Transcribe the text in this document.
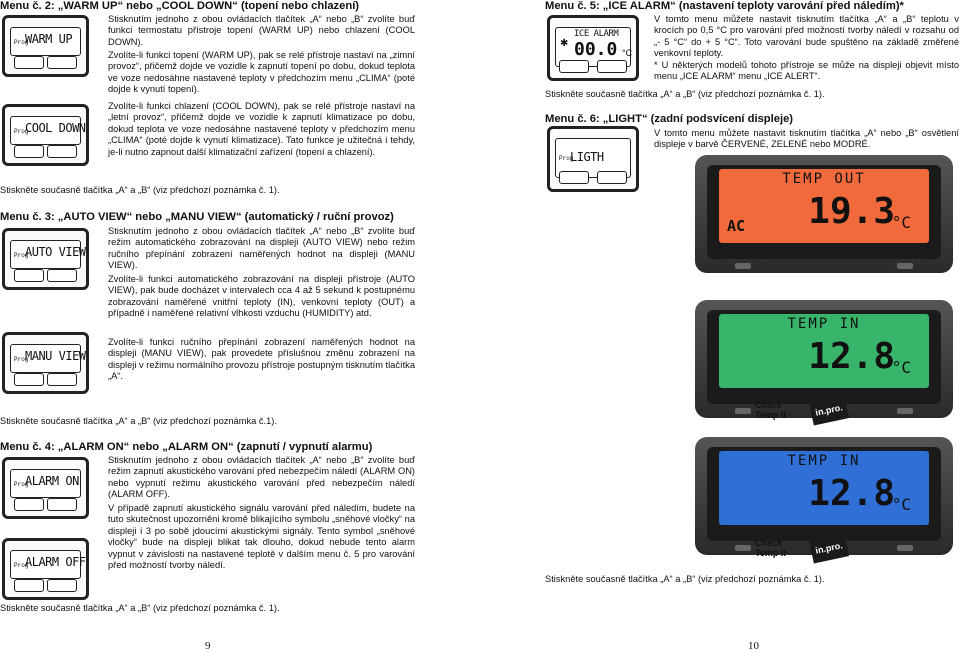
Menu č. 2: „WARM UP“ nebo „COOL DOWN“ (topení nebo chlazení)
Prog
WARM UP

Stisknutím jednoho z obou ovládacích tlačítek „A“ nebo „B“ zvolíte buď funkci termostatu přístroje topení (WARM UP) nebo chlazení (COOL DOWN).

Zvolíte-li funkci topení (WARM UP), pak se relé přístroje nastaví na „zimní provoz“, přičemž dojde ve vozidle k zapnutí topení po dobu, dokud teplota ve voze nedosáhne nastavené teploty v předchozím menu „CLIMA“ (poté dojde k vynutí topení).

Prog
COOL DOWN

Zvolíte-li funkci chlazení (COOL DOWN), pak se relé přístroje nastaví na „letní provoz“, přičemž dojde ve vozidle k zapnutí klimatizace po dobu, dokud teplota ve voze nedosáhne nastavené teploty v předchozím menu „CLIMA“ (poté dojde k vynutí klimatizace). Tato funkce je užitečná i tehdy, je-li nutno zapnout další klimatizační zařízení (topení a chlazení).

Stiskněte současně tlačítka „A“ a „B“ (viz předchozí poznámka č. 1).
Menu č. 3: „AUTO VIEW“ nebo „MANU VIEW“ (automatický / ruční provoz)
Prog
AUTO VIEW

Stisknutím jednoho z obou ovládacích tlačítek „A“ nebo „B“ zvolíte buď režim automatického zobrazování na displeji (AUTO VIEW) nebo režim ručního přepínání zobrazení naměřených hodnot na displeji (MANU VIEW).

Zvolíte-li funkci automatického zobrazování na displeji přístroje (AUTO VIEW), pak bude docházet v intervalech cca 4 až 5 sekund k postupnému zobrazování naměřené vnitřní teploty (IN), venkovní teploty (OUT) a případně i naměřené relativní vlhkosti vzduchu (HUMIDITY) atd.

Prog
MANU VIEW

Zvolíte-li funkci ručního přepínání zobrazení naměřených hodnot na displeji (MANU VIEW), pak provedete příslušnou změnu zobrazení na displeji v režimu normálního provozu přístroje postupným tisknutím tlačítka „A“.

Stiskněte současně tlačítka „A“ a „B“ (viz předchozí poznámka č.1).
Menu č. 4: „ALARM ON“ nebo „ALARM ON“ (zapnutí / vypnutí alarmu)
Prog
ALARM ON

Stisknutím jednoho z obou ovládacích tlačítek „A“ nebo „B“ zvolíte buď režim zapnutí akustického varování před nebezpečím náledí (ALARM ON) nebo vypnutí režimu akustického varování před nebezpečím náledí (ALARM OFF).

V případě zapnutí akustického signálu varování před náledím, budete na tuto skutečnost upozorněni kromě blikajícího symbolu „sněhové vločky“ na displeji i 3 po sobě jdoucími akustickými signály. Tento symbol „sněhové vločky“ bude na displeji blikat tak dlouho, dokud nebude tento alarm vypnut v závislosti na nastavené teplotě v dalším menu č. 5 pro varování před možností tvorby náledí.

Prog
ALARM OFF
Stiskněte současně tlačítka „A“ a „B“ (viz předchozí poznámka č. 1).
9
Menu č. 5: „ICE ALARM“ (nastavení teploty varování před náledím)*
ICE ALARM
✱ 00.0 °C

V tomto menu můžete nastavit tisknutím tlačítka „A“ a „B“ teplotu v krocích po 0,5 °C pro varování před možností tvorby náledí v rozsahu od „- 5 °C“ do + 5 °C“. Toto varování bude spuštěno na základě změřené venkovní teploty.

* U některých modelů tohoto přístroje se může na displeji objevit místo menu „ICE ALARM“ menu „ICE ALERT“.

Stiskněte současně tlačítka „A“ a „B“ (viz předchozí poznámka č. 1).
Menu č. 6: „LIGHT“ (zadní podsvícení displeje)
Prog
LIGTH

V tomto menu můžete nastavit tisknutím tlačítka „A“ nebo „B“ osvětlení displeje v barvě ČERVENÉ, ZELENÉ nebo MODRÉ.

TEMP OUT
AC 19.3
°C
TEMP IN
12.8
°C
Check
Temp II	in.pro.
TEMP IN
12.8
°C
Check
Temp II	in.pro.
Stiskněte současně tlačítka „A“ a „B“ (viz předchozí poznámka č. 1).
10
